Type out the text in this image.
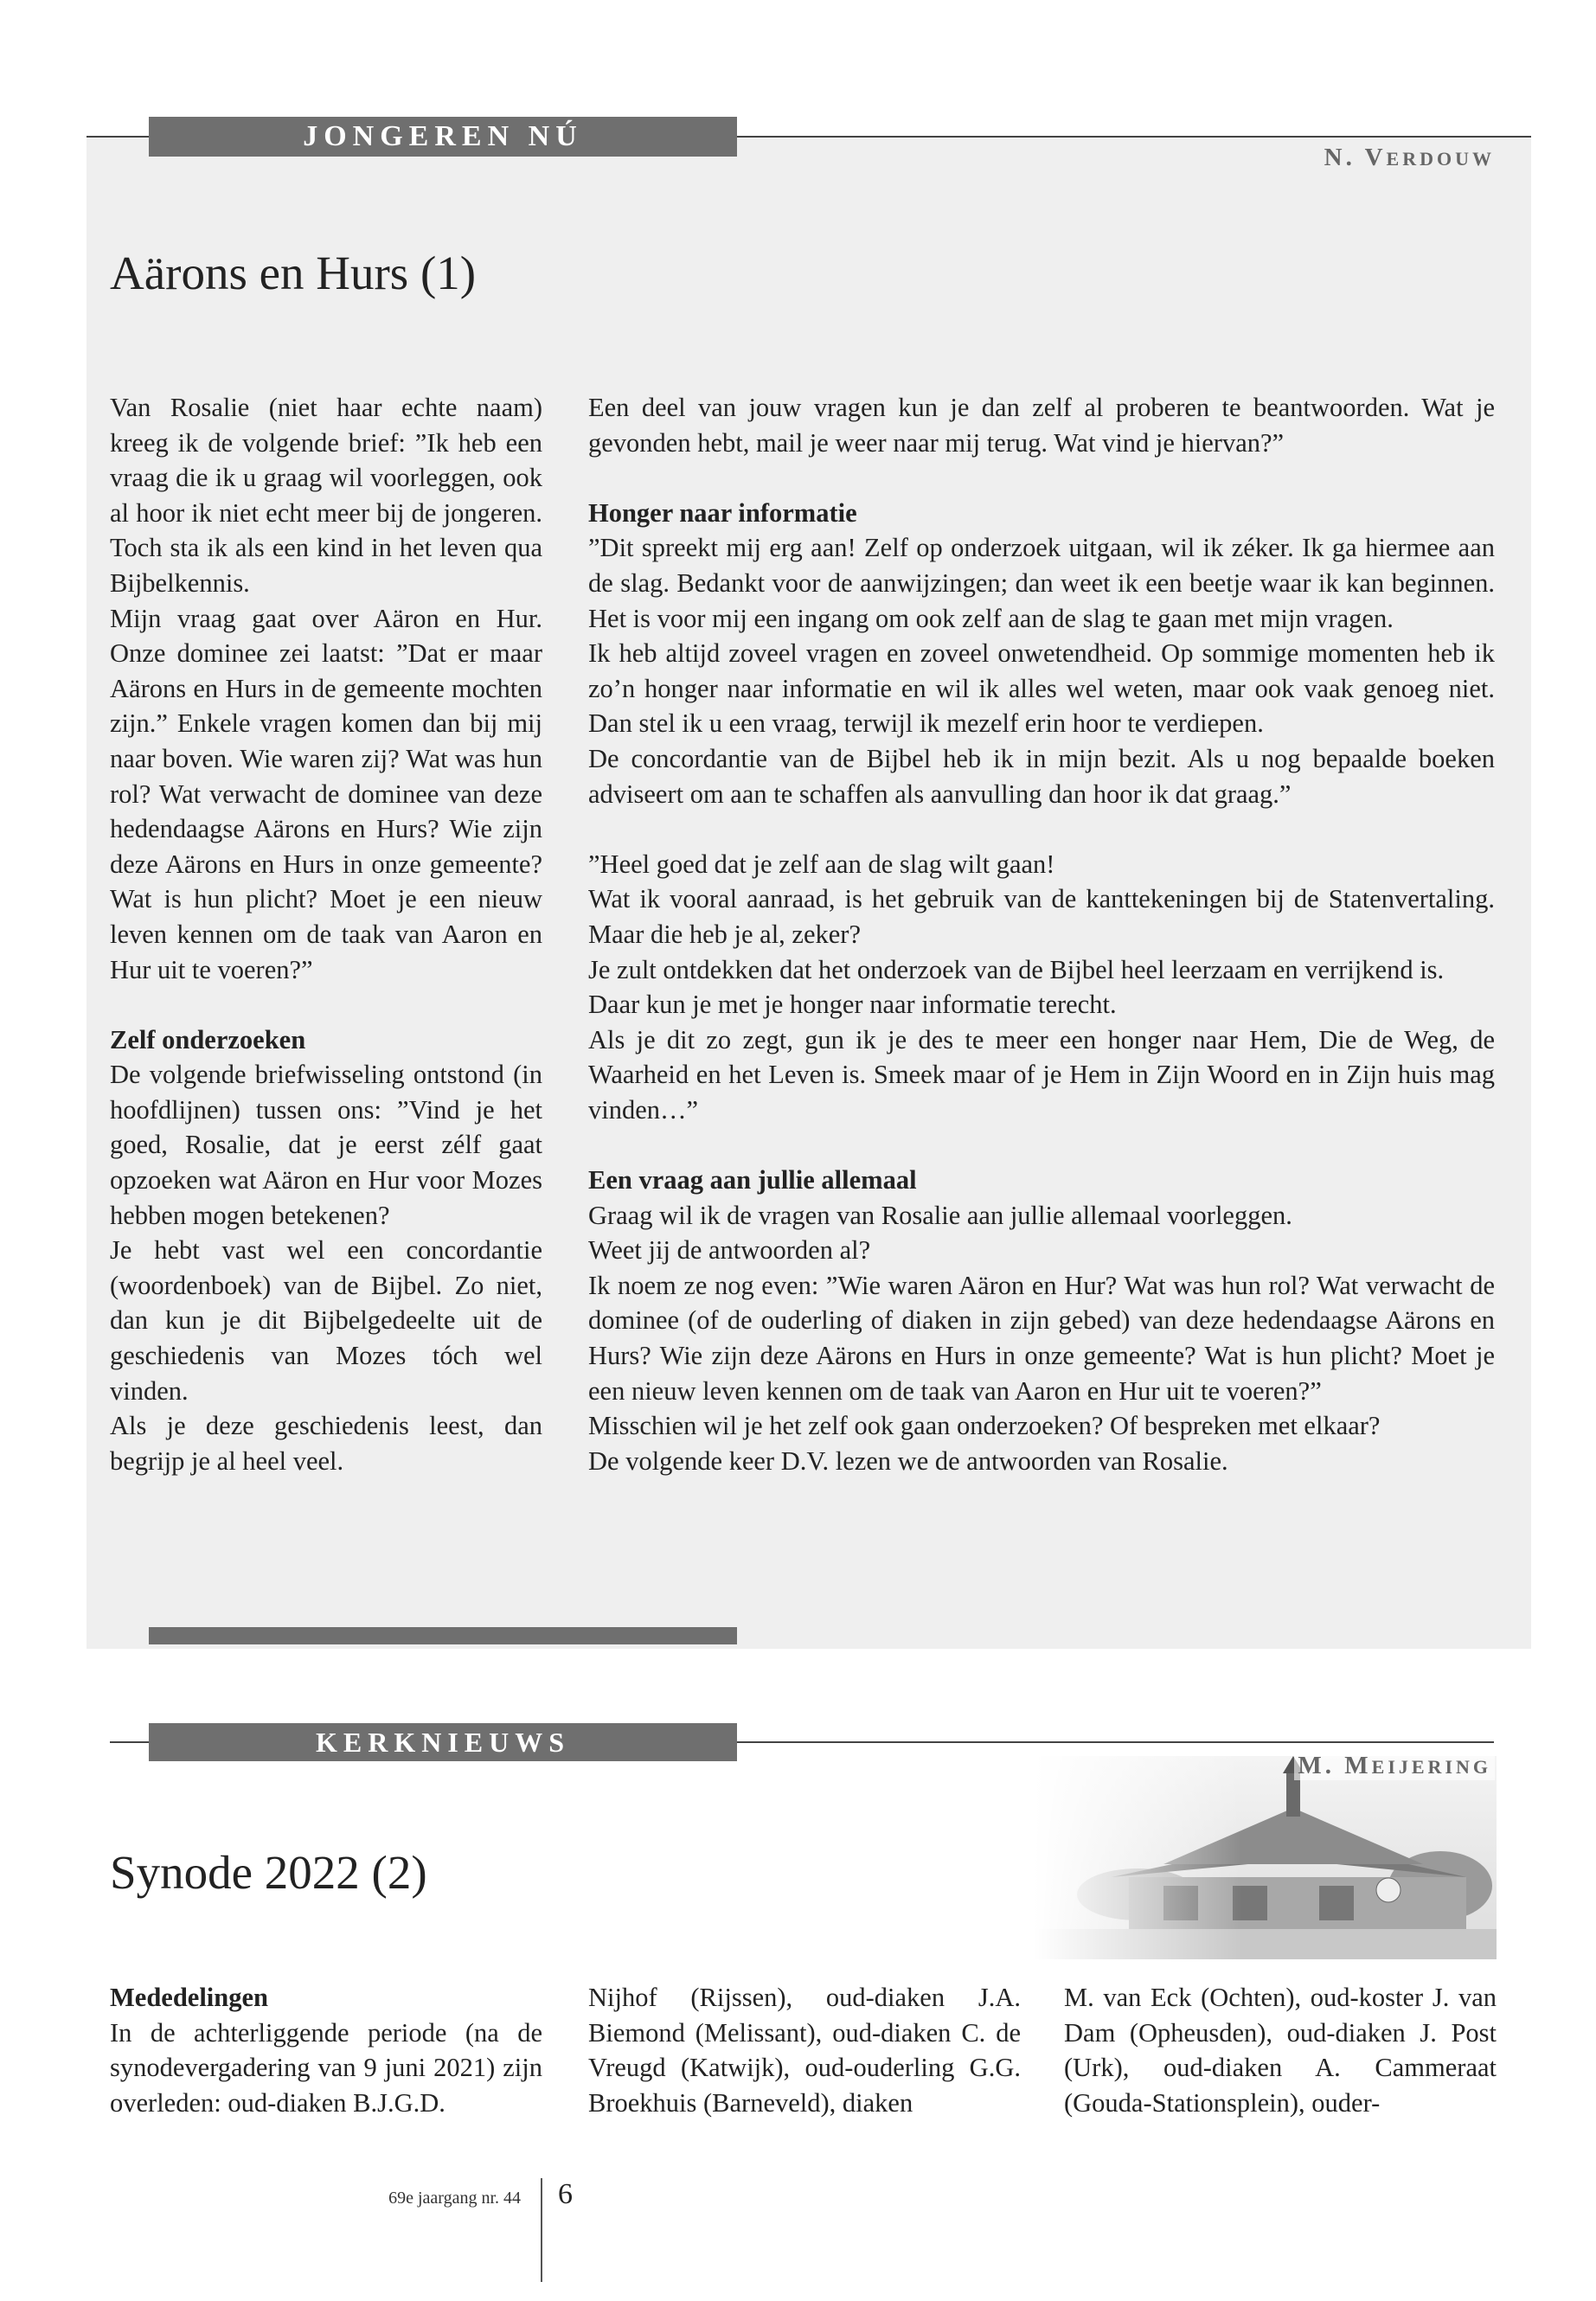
JONGEREN NÚ
N. VERDOUW
Aärons en Hurs (1)

Van Rosalie (niet haar echte naam) kreeg ik de volgende brief: ”Ik heb een vraag die ik u graag wil voorleggen, ook al hoor ik niet echt meer bij de jongeren. Toch sta ik als een kind in het leven qua Bijbelkennis.

Mijn vraag gaat over Aäron en Hur. Onze dominee zei laatst: ”Dat er maar Aärons en Hurs in de gemeente mochten zijn.” Enkele vragen komen dan bij mij naar boven. Wie waren zij? Wat was hun rol? Wat verwacht de dominee van deze hedendaagse Aärons en Hurs? Wie zijn deze Aärons en Hurs in onze gemeente? Wat is hun plicht? Moet je een nieuw leven kennen om de taak van Aaron en Hur uit te voeren?”

Zelf onderzoeken

De volgende briefwisseling ontstond (in hoofdlijnen) tussen ons: ”Vind je het goed, Rosalie, dat je eerst zélf gaat opzoeken wat Aäron en Hur voor Mozes hebben mogen betekenen?

Je hebt vast wel een concordantie (woordenboek) van de Bijbel. Zo niet, dan kun je dit Bijbelgedeelte uit de geschiedenis van Mozes tóch wel vinden.

Als je deze geschiedenis leest, dan begrijp je al heel veel.

Een deel van jouw vragen kun je dan zelf al proberen te beantwoorden. Wat je gevonden hebt, mail je weer naar mij terug. Wat vind je hiervan?”

Honger naar informatie

”Dit spreekt mij erg aan! Zelf op onderzoek uitgaan, wil ik zéker. Ik ga hiermee aan de slag. Bedankt voor de aanwijzingen; dan weet ik een beetje waar ik kan beginnen. Het is voor mij een ingang om ook zelf aan de slag te gaan met mijn vragen.

Ik heb altijd zoveel vragen en zoveel onwetendheid. Op sommige momenten heb ik zo’n honger naar informatie en wil ik alles wel weten, maar ook vaak genoeg niet. Dan stel ik u een vraag, terwijl ik mezelf erin hoor te verdiepen.

De concordantie van de Bijbel heb ik in mijn bezit. Als u nog bepaalde boeken adviseert om aan te schaffen als aanvulling dan hoor ik dat graag.”

”Heel goed dat je zelf aan de slag wilt gaan!

Wat ik vooral aanraad, is het gebruik van de kanttekeningen bij de Statenvertaling. Maar die heb je al, zeker?

Je zult ontdekken dat het onderzoek van de Bijbel heel leerzaam en verrijkend is.

Daar kun je met je honger naar informatie terecht.

Als je dit zo zegt, gun ik je des te meer een honger naar Hem, Die de Weg, de Waarheid en het Leven is. Smeek maar of je Hem in Zijn Woord en in Zijn huis mag vinden…”

Een vraag aan jullie allemaal

Graag wil ik de vragen van Rosalie aan jullie allemaal voorleggen.

Weet jij de antwoorden al?

Ik noem ze nog even: ”Wie waren Aäron en Hur? Wat was hun rol? Wat verwacht de dominee (of de ouderling of diaken in zijn gebed) van deze hedendaagse Aärons en Hurs? Wie zijn deze Aärons en Hurs in onze gemeente? Wat is hun plicht? Moet je een nieuw leven kennen om de taak van Aaron en Hur uit te voeren?”

Misschien wil je het zelf ook gaan onderzoeken? Of bespreken met elkaar?

De volgende keer D.V. lezen we de antwoorden van Rosalie.

KERKNIEUWS
M. MEIJERING
Synode 2022 (2)
Mededelingen

In de achterliggende periode (na de synodevergadering van 9 juni 2021) zijn overleden: oud-diaken B.J.G.D.

Nijhof (Rijssen), oud-diaken J.A. Biemond (Melissant), oud-diaken C. de Vreugd (Katwijk), oud-ouderling G.G. Broekhuis (Barneveld), diaken

M. van Eck (Ochten), oud-koster J. van Dam (Opheusden), oud-diaken J. Post (Urk), oud-diaken A. Cammeraat (Gouda-Stationsplein), ouder-

69e jaargang nr. 44 6
